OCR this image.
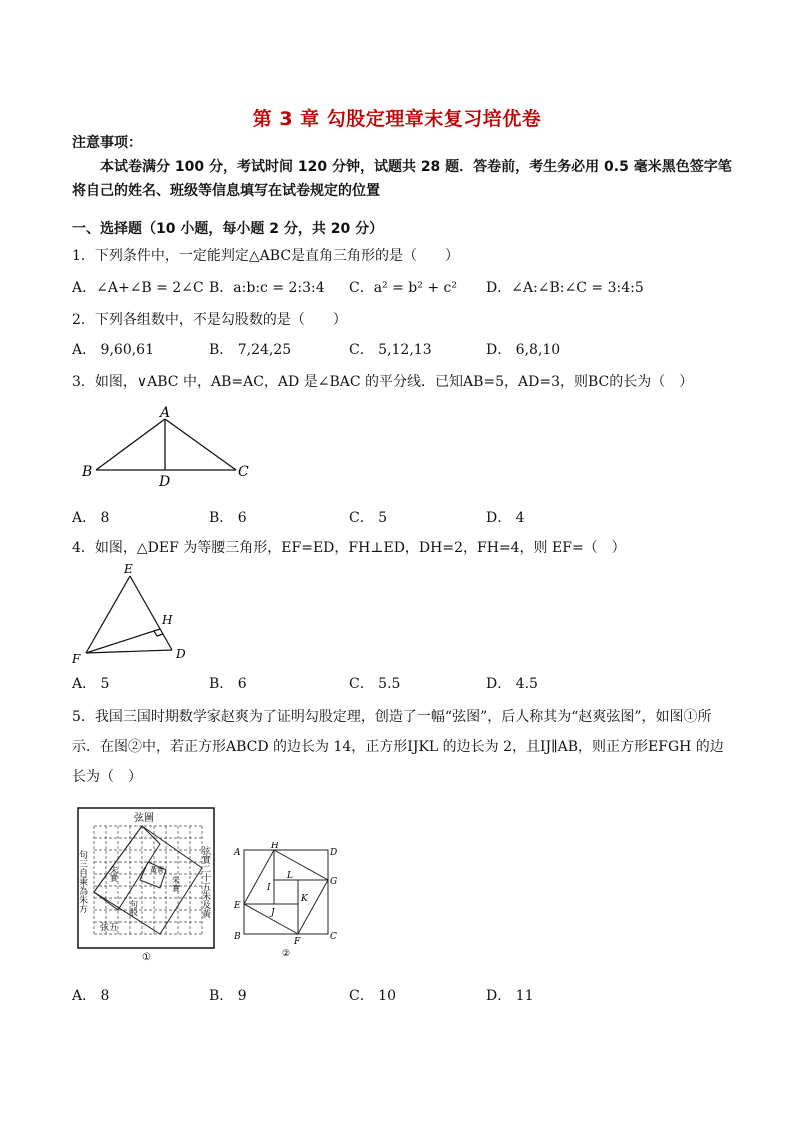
第 3 章 勾股定理章末复习培优卷
注意事项：
本试卷满分 100 分，考试时间 120 分钟，试题共 28 题．答卷前，考生务必用 0.5 毫米黑色签字笔将自己的姓名、班级等信息填写在试卷规定的位置
一、选择题（10 小题，每小题 2 分，共 20 分）
1．下列条件中，一定能判定△ABC是直角三角形的是（　　）
A．∠A+∠B = 2∠C B．a:b:c = 2:3:4 C．a² = b² + c² D．∠A:∠B:∠C = 3:4:5
2．下列各组数中，不是勾股数的是（　　）
A． 9,60,61	B． 7,24,25	C． 5,12,13	D． 6,8,10
3．如图，∨ABC 中，AB=AC，AD 是∠BAC 的平分线．已知AB=5，AD=3，则BC的长为（　）
A
B	C
D
A． 8	B． 6	C． 5	D． 4
4．如图，△DEF 为等腰三角形，EF=ED，FH⊥ED，DH=2，FH=4，则 EF=（　）
E
H
F	D
A． 5	B． 6	C． 5.5	D． 4.5
5．我国三国时期数学家赵爽为了证明勾股定理，创造了一幅“弦图”，后人称其为“赵爽弦图”，如图①所示．在图②中，若正方形ABCD 的边长为 14，正方形IJKL 的边长为 2，且IJ∥AB，则正方形EFGH 的边长为（　）
弦圖
弦實二十五朱及黃
句三自乘為朱方
弦五
朱實
朱實
黃實
句股
①
A
H
D
E
G
B	F	C
I
J
K
L
②
A． 8	B． 9	C． 10	D． 11
